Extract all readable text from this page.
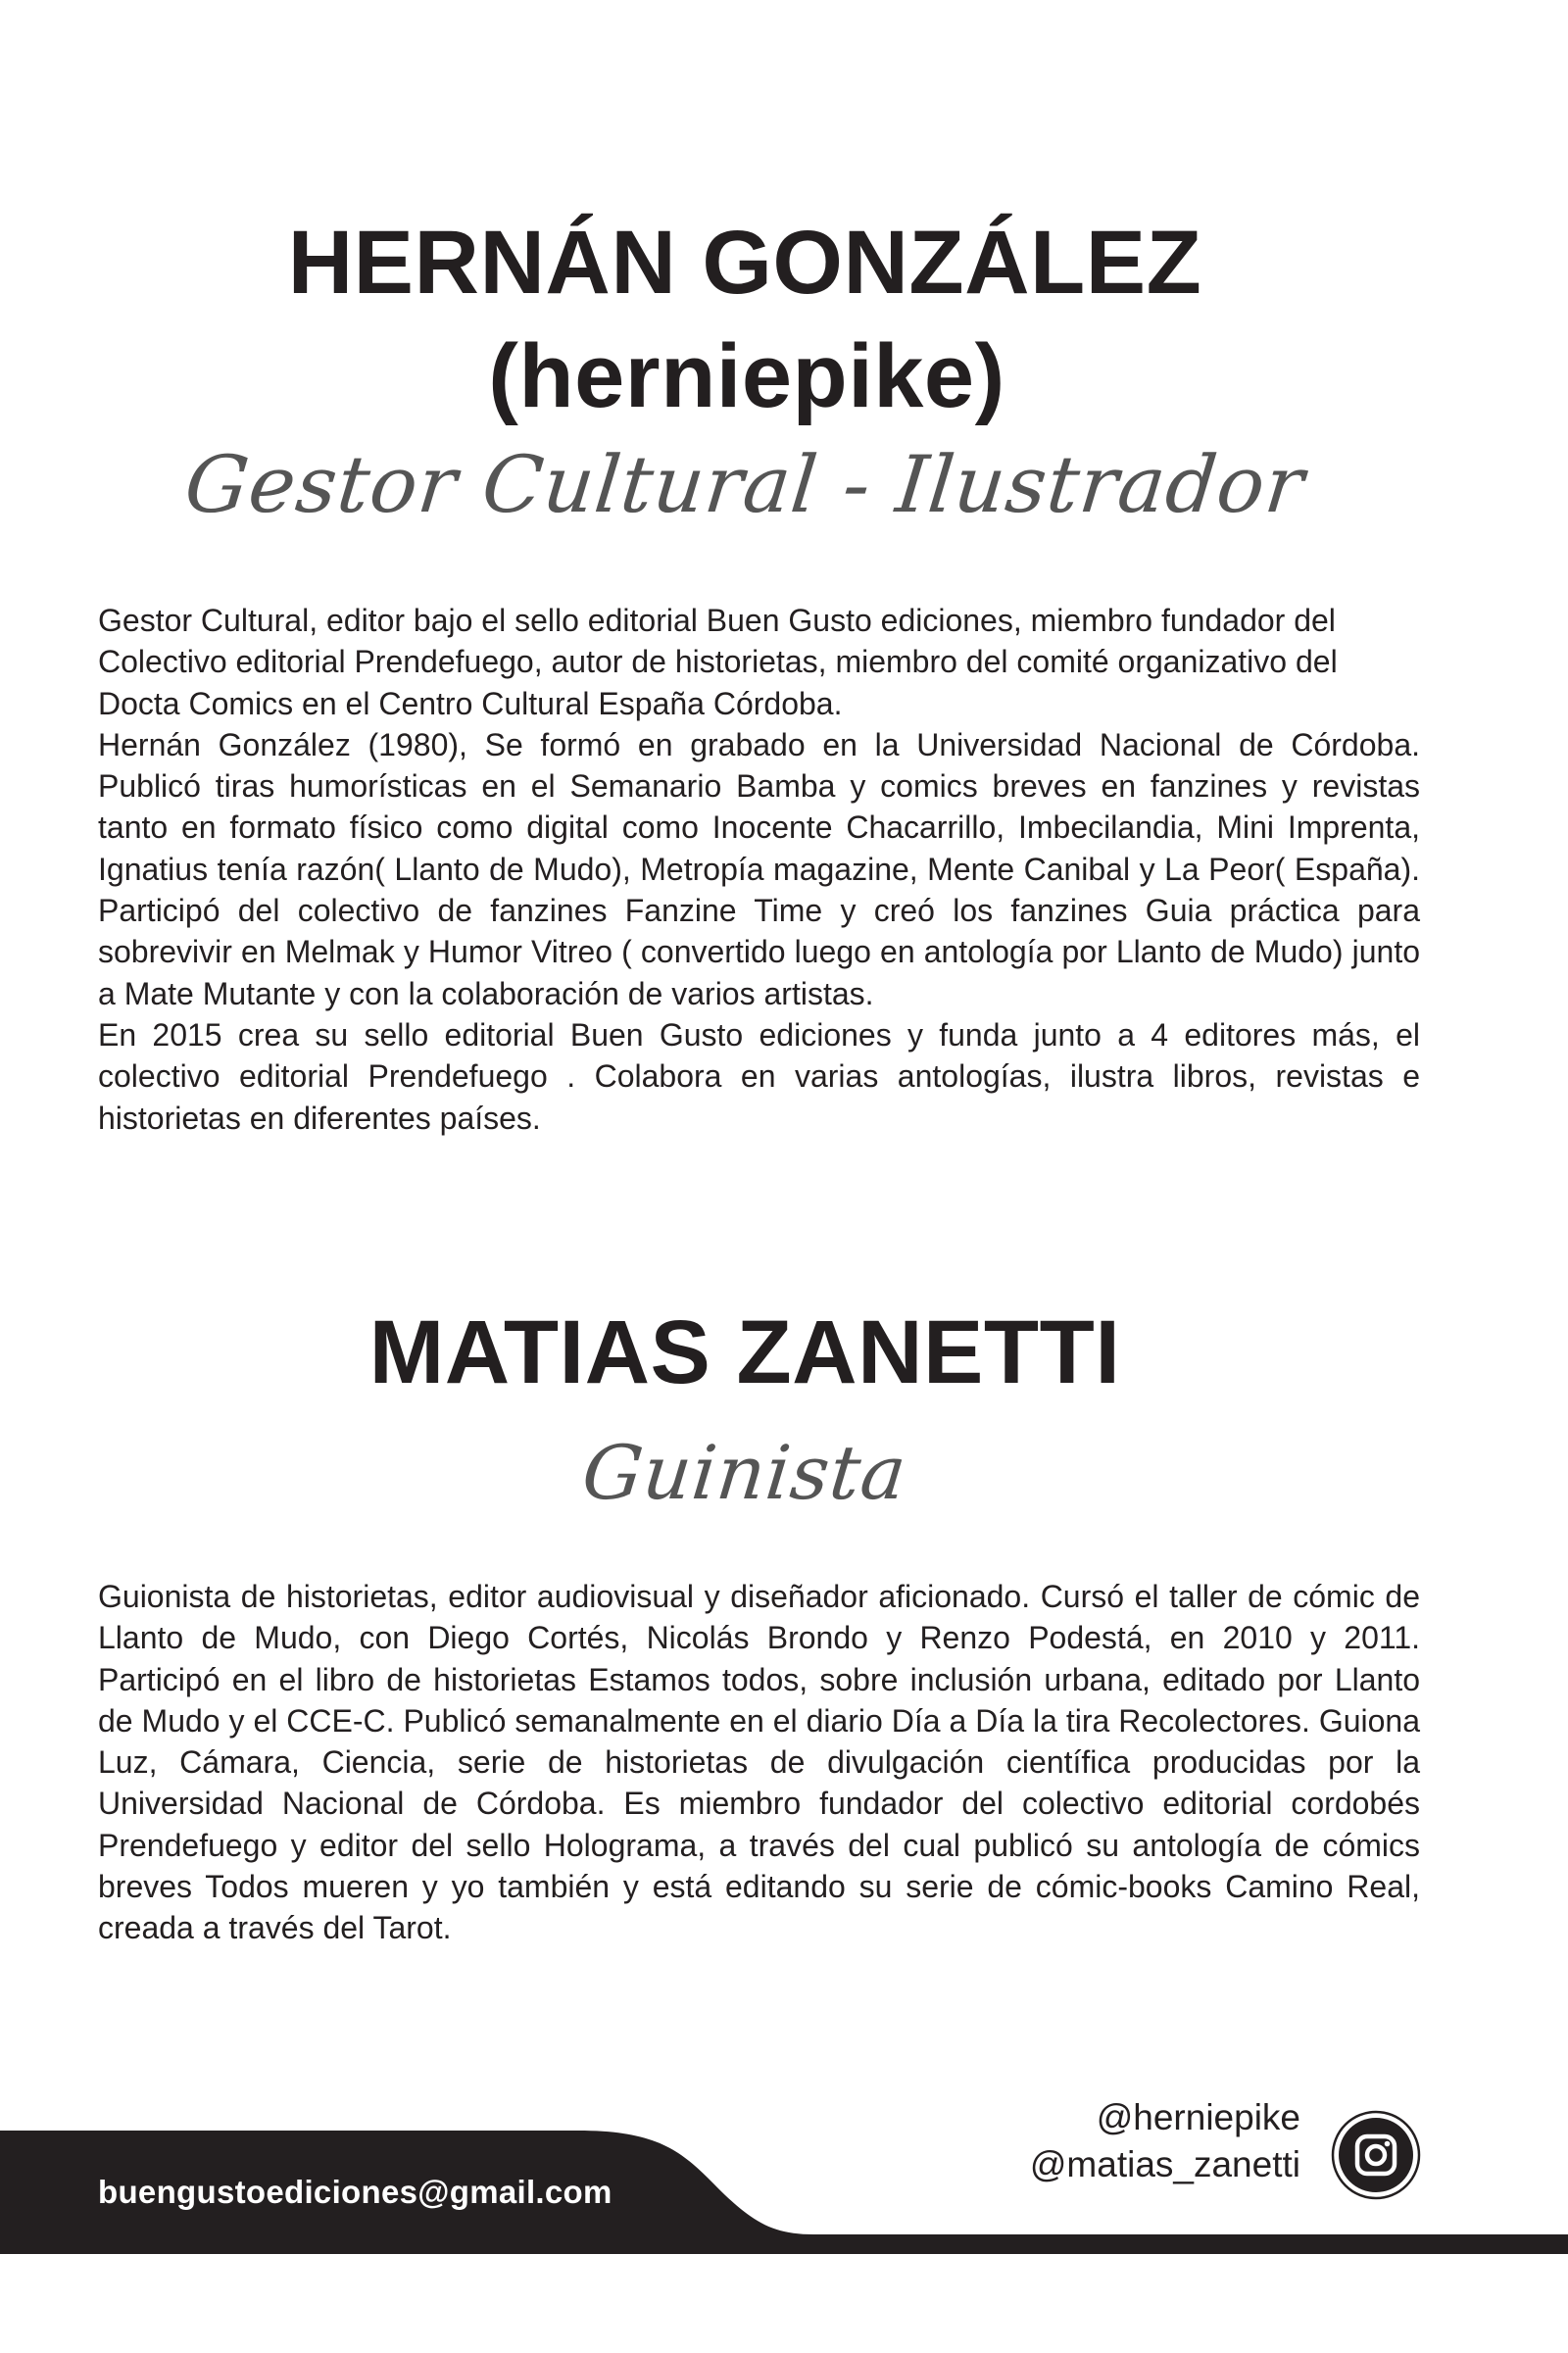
HERNÁN GONZÁLEZ
(herniepike)
Gestor Cultural - Ilustrador

Gestor Cultural, editor bajo el sello editorial Buen Gusto ediciones, miembro fundador del Colectivo editorial Prendefuego, autor de historietas, miembro del comité organizativo del Docta Comics en el Centro Cultural España Córdoba.

Hernán González (1980), Se formó en grabado en la Universidad Nacional de Córdoba. Publicó tiras humorísticas en el Semanario Bamba y comics breves en fanzines y revistas tanto en formato físico como digital como Inocente Chacarrillo, Imbecilandia, Mini Imprenta, Ignatius tenía razón( Llanto de Mudo), Metropía magazine, Mente Canibal y La Peor( España). Participó del colectivo de fanzines Fanzine Time y creó los fanzines Guia práctica para sobrevivir en Melmak y Humor Vitreo ( convertido luego en antología por Llanto de Mudo) junto a Mate Mutante y con la colaboración de varios artistas.

En 2015 crea su sello editorial Buen Gusto ediciones y funda junto a 4 editores más, el colectivo editorial Prendefuego . Colabora en varias antologías, ilustra libros, revistas e historietas en diferentes países.

MATIAS ZANETTI
Guinista

Guionista de historietas, editor audiovisual y diseñador aficionado. Cursó el taller de cómic de Llanto de Mudo, con Diego Cortés, Nicolás Brondo y Renzo Podestá, en 2010 y 2011. Participó en el libro de historietas Estamos todos, sobre inclusión urbana, editado por Llanto de Mudo y el CCE-C. Publicó semanalmente en el diario Día a Día la tira Recolectores. Guiona Luz, Cámara, Ciencia, serie de historietas de divulgación científica producidas por la Universidad Nacional de Córdoba. Es miembro fundador del colectivo editorial cordobés Prendefuego y editor del sello Holograma, a través del cual publicó su antología de cómics breves Todos mueren y yo también y está editando su serie de cómic-books Camino Real, creada a través del Tarot.

buengustoediciones@gmail.com

@herniepike

@matias_zanetti
